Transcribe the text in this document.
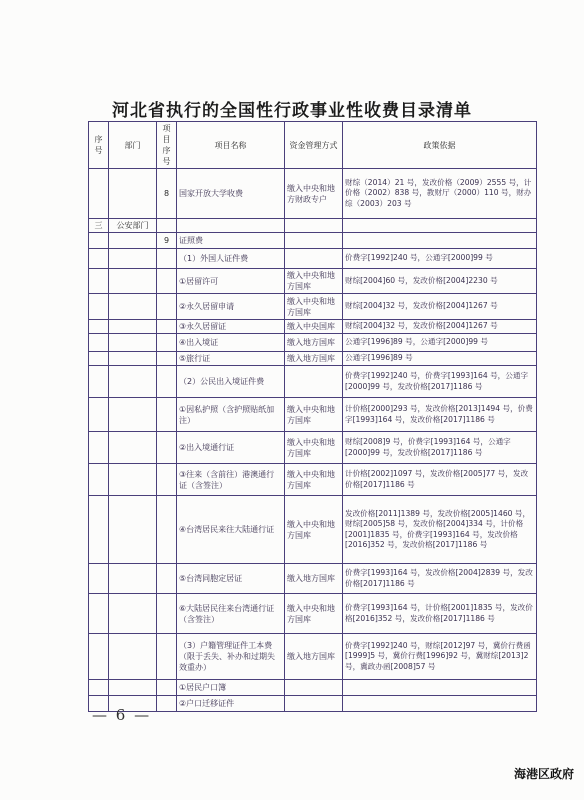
河北省执行的全国性行政事业性收费目录清单
序号	部门	项目序号	项目名称	资金管理方式	政策依据
		8	国家开放大学收费	缴入中央和地方财政专户	财综（2014）21 号，发改价格（2009）2555 号，计价格（2002）838 号，教财厅（2000）110 号，财办综（2003）203 号
三	公安部门				
		9	证照费		
			（1）外国人证件费		价费字[1992]240 号，公通字[2000]99 号
			①居留许可	缴入中央和地方国库	财综[2004]60 号，发改价格[2004]2230 号
			②永久居留申请	缴入中央和地方国库	财综[2004]32 号，发改价格[2004]1267 号
			③永久居留证	缴入中央国库	财综[2004]32 号，发改价格[2004]1267 号
			④出入境证	缴入地方国库	公通字[1996]89 号，公通字[2000]99 号
			⑤旅行证	缴入地方国库	公通字[1996]89 号
			（2）公民出入境证件费		价费字[1992]240 号，价费字[1993]164 号，公通字[2000]99 号，发改价格[2017]1186 号
			①因私护照（含护照贴纸加注）	缴入中央和地方国库	计价格[2000]293 号，发改价格[2013]1494 号，价费字[1993]164 号，发改价格[2017]1186 号
			②出入境通行证	缴入中央和地方国库	财综[2008]9 号，价费字[1993]164 号，公通字[2000]99 号，发改价格[2017]1186 号
			③往来（含前往）港澳通行证（含签注）	缴入中央和地方国库	计价格[2002]1097 号，发改价格[2005]77 号，发改价格[2017]1186 号
			④台湾居民来往大陆通行证	缴入中央和地方国库	发改价格[2011]1389 号，发改价格[2005]1460 号，财综[2005]58 号，发改价格[2004]334 号，计价格[2001]1835 号，价费字[1993]164 号，发改价格[2016]352 号，发改价格[2017]1186 号
			⑤台湾同胞定居证	缴入地方国库	价费字[1993]164 号，发改价格[2004]2839 号，发改价格[2017]1186 号
			⑥大陆居民往来台湾通行证（含签注）	缴入中央和地方国库	价费字[1993]164 号，计价格[2001]1835 号，发改价格[2016]352 号，发改价格[2017]1186 号
			（3）户籍管理证件工本费（限于丢失、补办和过期失效重办）	缴入地方国库	价费字[1992]240 号，财综[2012]97 号，冀价行费函[1999]5 号，冀价行费[1996]92 号，冀财综[2013]2 号，冀政办函[2008]57 号
			①居民户口簿		
			②户口迁移证件		
— 6 —
海港区政府
